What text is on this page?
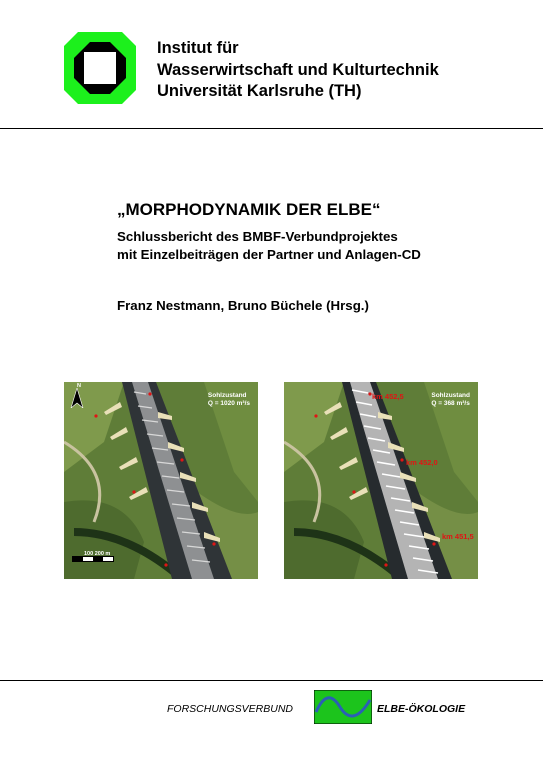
Institut für
Wasserwirtschaft und Kulturtechnik
Universität Karlsruhe (TH)
„MORPHODYNAMIK DER ELBE“
Schlussbericht des BMBF-Verbundprojektes
mit Einzelbeiträgen der Partner und Anlagen-CD
Franz Nestmann, Bruno Büchele (Hrsg.)
N
Sohlzustand
Q = 1020 m³/s
100 200 m
km 452,5
km 452,0
km 451,5
Sohlzustand
Q = 368 m³/s
FORSCHUNGSVERBUND	ELBE-ÖKOLOGIE
